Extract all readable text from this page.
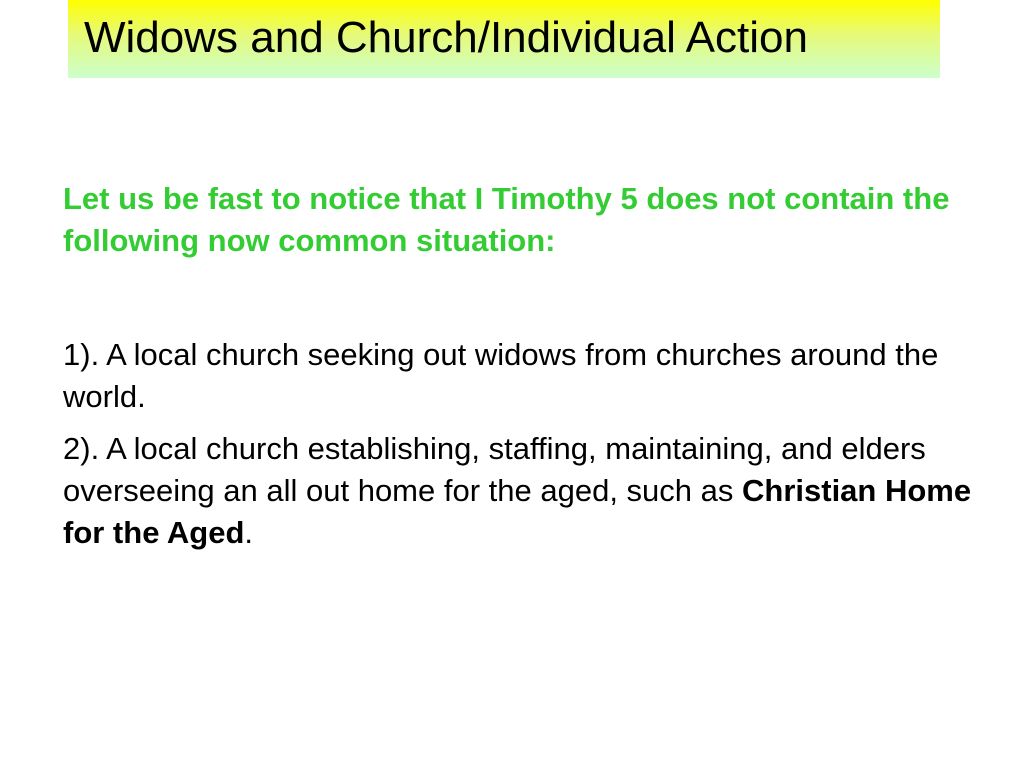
Widows and Church/Individual Action

Let us be fast to notice that I Timothy 5 does not contain the following now common situation:

1). A local church seeking out widows from churches around the world.

2). A local church establishing, staffing, maintaining, and elders overseeing an all out home for the aged, such as Christian Home for the Aged.
